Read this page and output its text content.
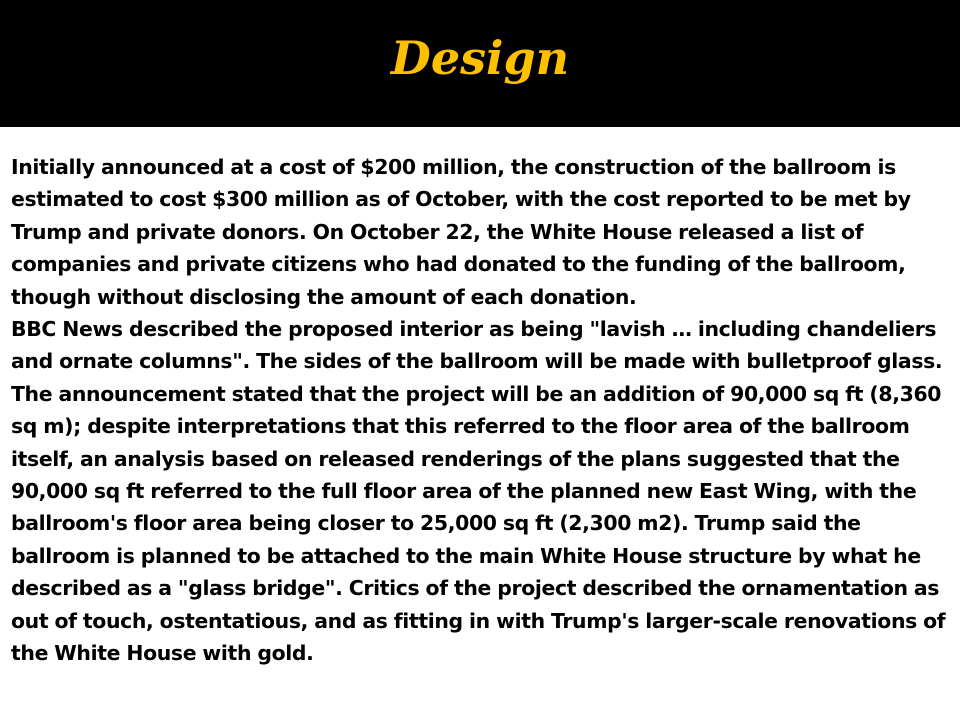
Design

Initially announced at a cost of $200 million, the construction of the ballroom is estimated to cost $300 million as of October, with the cost reported to be met by Trump and private donors. On October 22, the White House released a list of companies and private citizens who had donated to the funding of the ballroom, though without disclosing the amount of each donation.

BBC News described the proposed interior as being "lavish … including chandeliers and ornate columns". The sides of the ballroom will be made with bulletproof glass. The announcement stated that the project will be an addition of 90,000 sq ft (8,360 sq m); despite interpretations that this referred to the floor area of the ballroom itself, an analysis based on released renderings of the plans suggested that the 90,000 sq ft referred to the full floor area of the planned new East Wing, with the ballroom's floor area being closer to 25,000 sq ft (2,300 m2). Trump said the ballroom is planned to be attached to the main White House structure by what he described as a "glass bridge". Critics of the project described the ornamentation as out of touch, ostentatious, and as fitting in with Trump's larger-scale renovations of the White House with gold.
